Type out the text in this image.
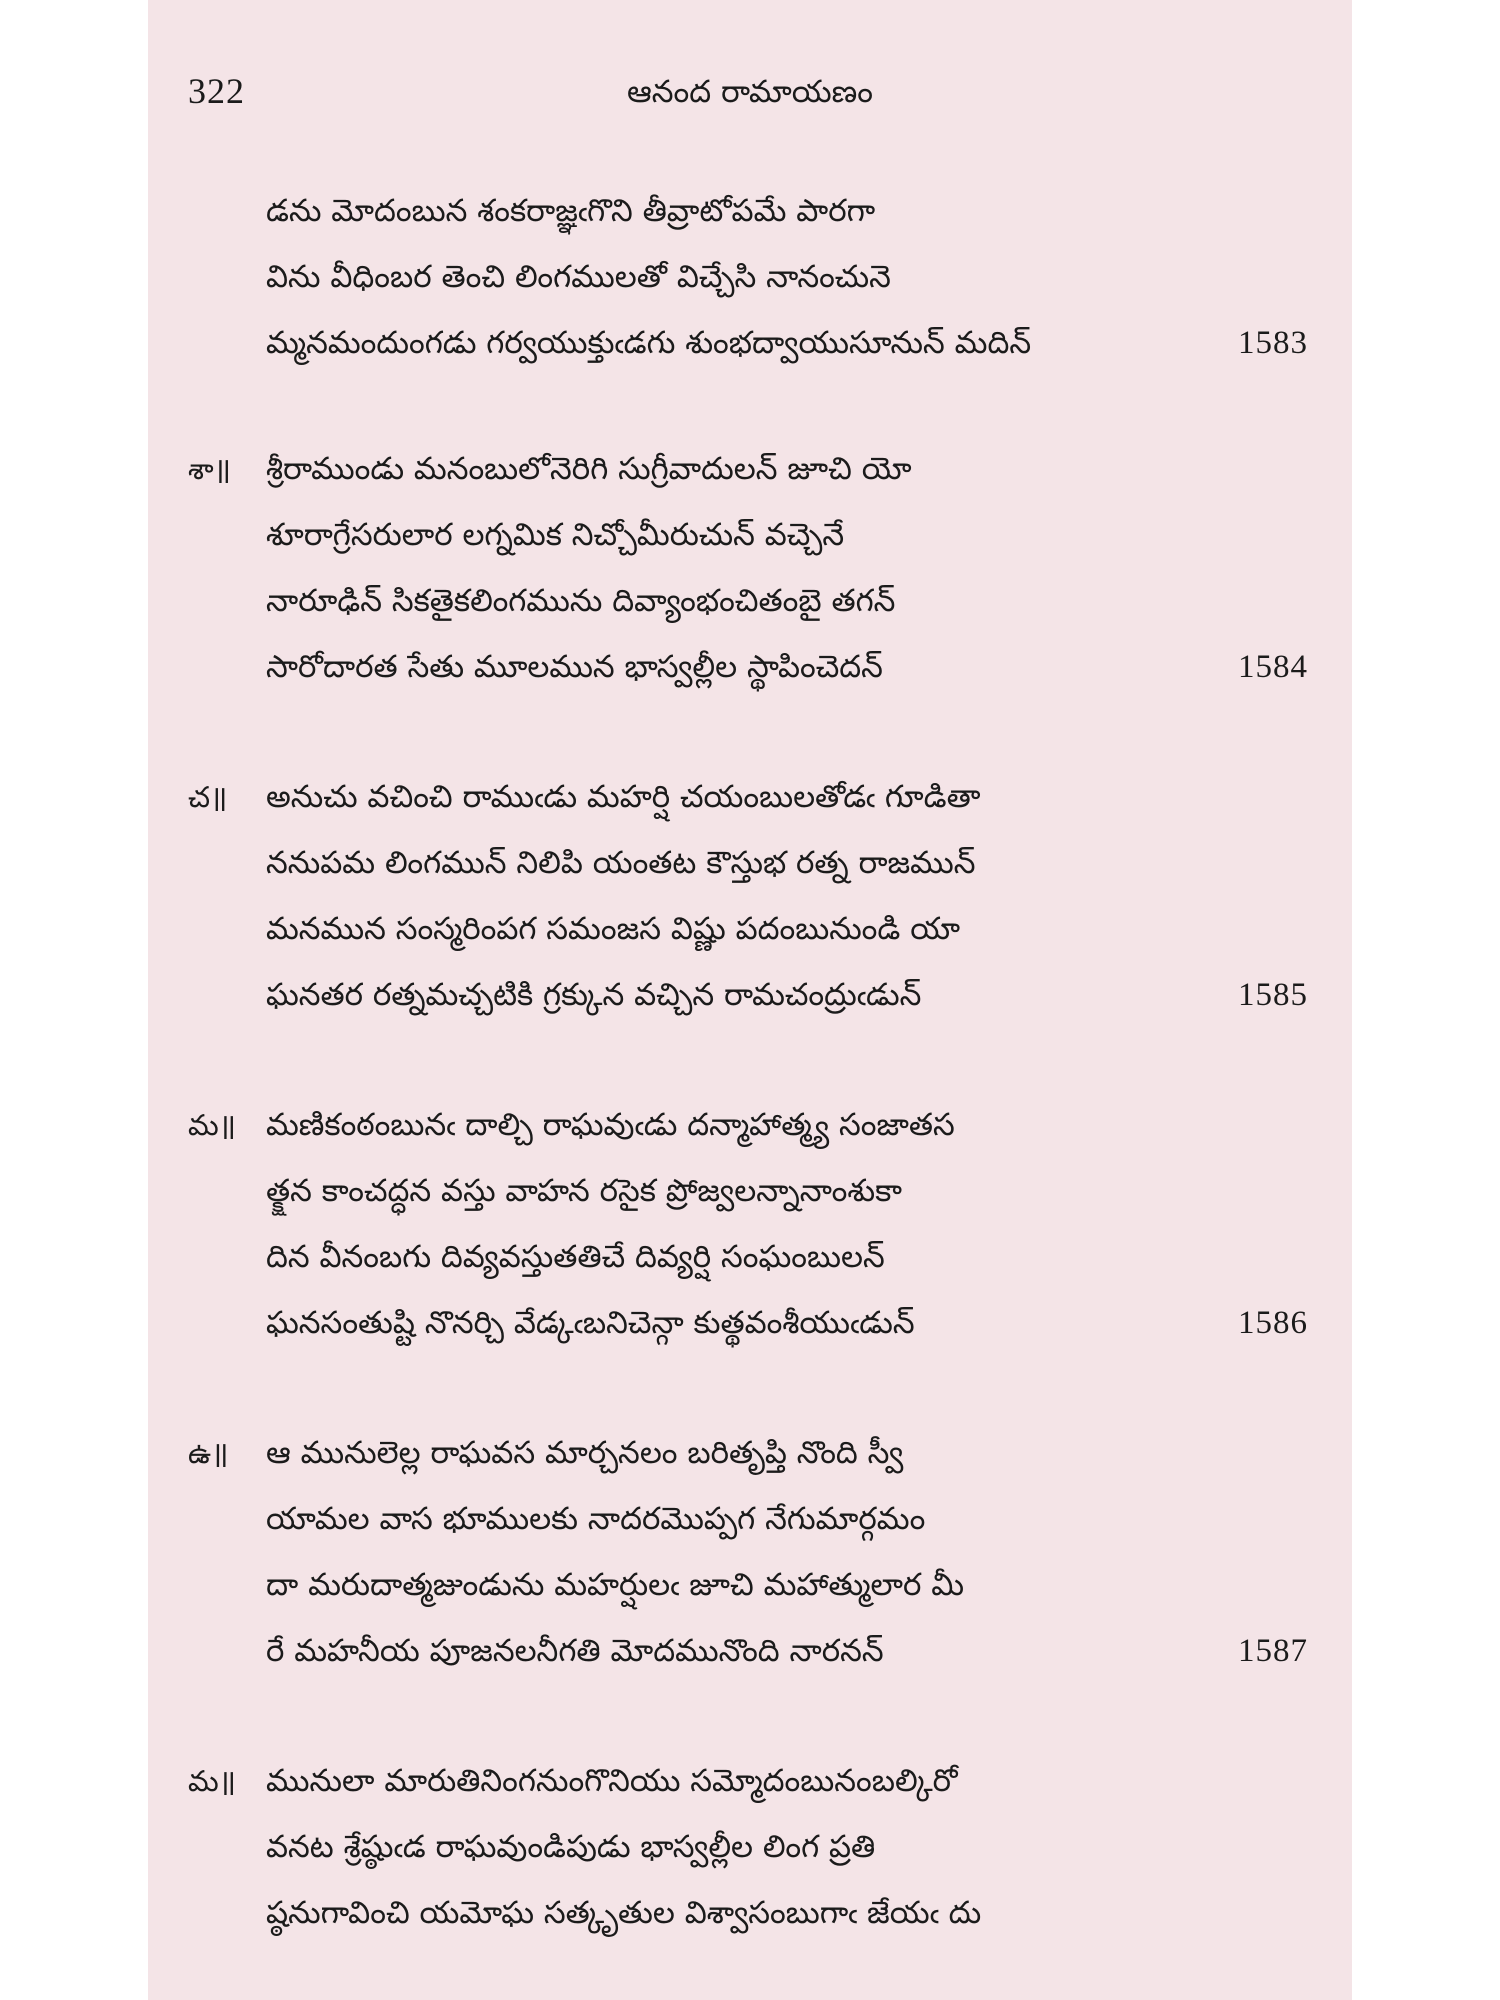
322	ఆనంద రామాయణం
డను మోదంబున శంకరాజ్ఞఁగొని తీవ్రాటోపమే పారగా
విను వీధింబర తెంచి లింగములతో విచ్చేసి నానంచునె
మ్మనమందుంగడు గర్వయుక్తుఁడగు శుంభద్వాయుసూనున్ మదిన్	1583
శా॥ శ్రీరాముండు మనంబులోనెరిగి సుగ్రీవాదులన్ జూచి యో
శూరాగ్రేసరులార లగ్నమిక నిచ్చోమీరుచున్ వచ్చెనే
నారూఢిన్ సికతైకలింగమును దివ్యాంభంచితంబై తగన్
సారోదారత సేతు మూలమున భాస్వల్లీల స్థాపించెదన్	1584
చ॥ అనుచు వచించి రాముఁడు మహర్షి చయంబులతోడఁ గూడితా
ననుపమ లింగమున్ నిలిపి యంతట కౌస్తుభ రత్న రాజమున్
మనమున సంస్మరింపగ సమంజస విష్ణు పదంబునుండి యా
ఘనతర రత్నమచ్చటికి గ్రక్కున వచ్చిన రామచంద్రుఁడున్	1585
మ॥ మణికంఠంబునఁ దాల్చి రాఘవుఁడు దన్మాహాత్మ్య సంజాతస
త్క్షన కాంచద్ధన వస్తు వాహన రసైక ప్రోజ్వలన్నానాంశుకా
దిన వీనంబగు దివ్యవస్తుతతిచే దివ్యర్షి సంఘంబులన్
ఘనసంతుష్టి నొనర్చి వేడ్కఁబనిచెన్గా కుత్థవంశీయుఁడున్	1586
ఉ॥ ఆ మునులెల్ల రాఘవస మార్చనలం బరితృప్తి నొంది స్వీ
యామల వాస భూములకు నాదరమొప్పగ నేగుమార్గమం
దా మరుదాత్మజుండును మహర్షులఁ జూచి మహాత్ములార మీ
రే మహనీయ పూజనలనీగతి మోదమునొంది నారనన్	1587
మ॥ మునులా మారుతినింగనుంగొనియు సమ్మోదంబునంబల్కిరో
వనట శ్రేష్ఠుఁడ రాఘవుండిపుడు భాస్వల్లీల లింగ ప్రతి
ష్ఠనుగావించి యమోఘ సత్కృతుల విశ్వాసంబుగాఁ జేయఁ దు
